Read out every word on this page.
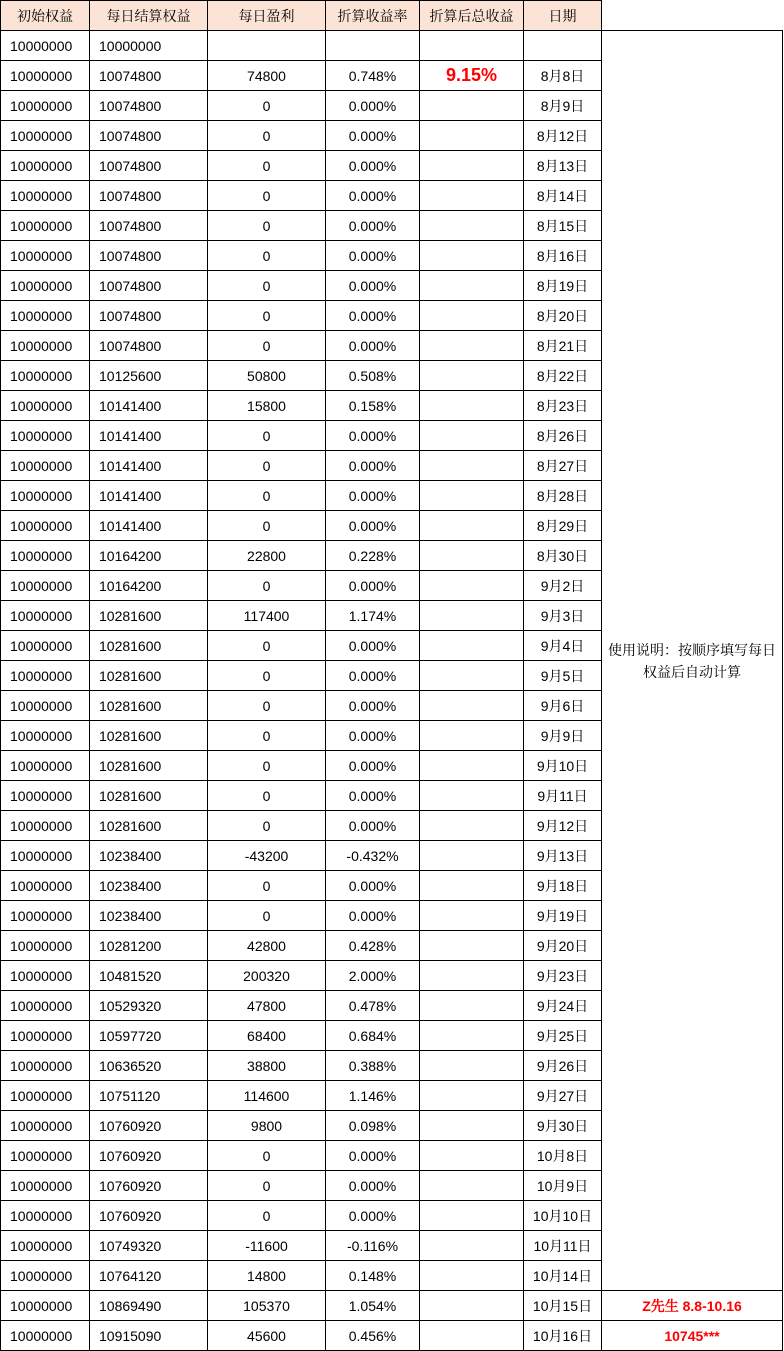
初始权益	每日结算权益	每日盈利	折算收益率	折算后总收益	日期	
10000000	10000000					使用说明：按顺序填写每日权益后自动计算
10000000	10074800	74800	0.748%	9.15%	8月8日	
10000000	10074800	0	0.000%		8月9日	
10000000	10074800	0	0.000%		8月12日	
10000000	10074800	0	0.000%		8月13日	
10000000	10074800	0	0.000%		8月14日	
10000000	10074800	0	0.000%		8月15日	
10000000	10074800	0	0.000%		8月16日	
10000000	10074800	0	0.000%		8月19日	
10000000	10074800	0	0.000%		8月20日	
10000000	10074800	0	0.000%		8月21日	
10000000	10125600	50800	0.508%		8月22日	
10000000	10141400	15800	0.158%		8月23日	
10000000	10141400	0	0.000%		8月26日	
10000000	10141400	0	0.000%		8月27日	
10000000	10141400	0	0.000%		8月28日	
10000000	10141400	0	0.000%		8月29日	
10000000	10164200	22800	0.228%		8月30日	
10000000	10164200	0	0.000%		9月2日	
10000000	10281600	117400	1.174%		9月3日	
10000000	10281600	0	0.000%		9月4日	
10000000	10281600	0	0.000%		9月5日	
10000000	10281600	0	0.000%		9月6日	
10000000	10281600	0	0.000%		9月9日	
10000000	10281600	0	0.000%		9月10日	
10000000	10281600	0	0.000%		9月11日	
10000000	10281600	0	0.000%		9月12日	
10000000	10238400	-43200	-0.432%		9月13日	
10000000	10238400	0	0.000%		9月18日	
10000000	10238400	0	0.000%		9月19日	
10000000	10281200	42800	0.428%		9月20日	
10000000	10481520	200320	2.000%		9月23日	
10000000	10529320	47800	0.478%		9月24日	
10000000	10597720	68400	0.684%		9月25日	
10000000	10636520	38800	0.388%		9月26日	
10000000	10751120	114600	1.146%		9月27日	
10000000	10760920	9800	0.098%		9月30日	
10000000	10760920	0	0.000%		10月8日	
10000000	10760920	0	0.000%		10月9日	
10000000	10760920	0	0.000%		10月10日	
10000000	10749320	-11600	-0.116%		10月11日	
10000000	10764120	14800	0.148%		10月14日	
10000000	10869490	105370	1.054%		10月15日	Z先生 8.8-10.16
10000000	10915090	45600	0.456%		10月16日	10745***
